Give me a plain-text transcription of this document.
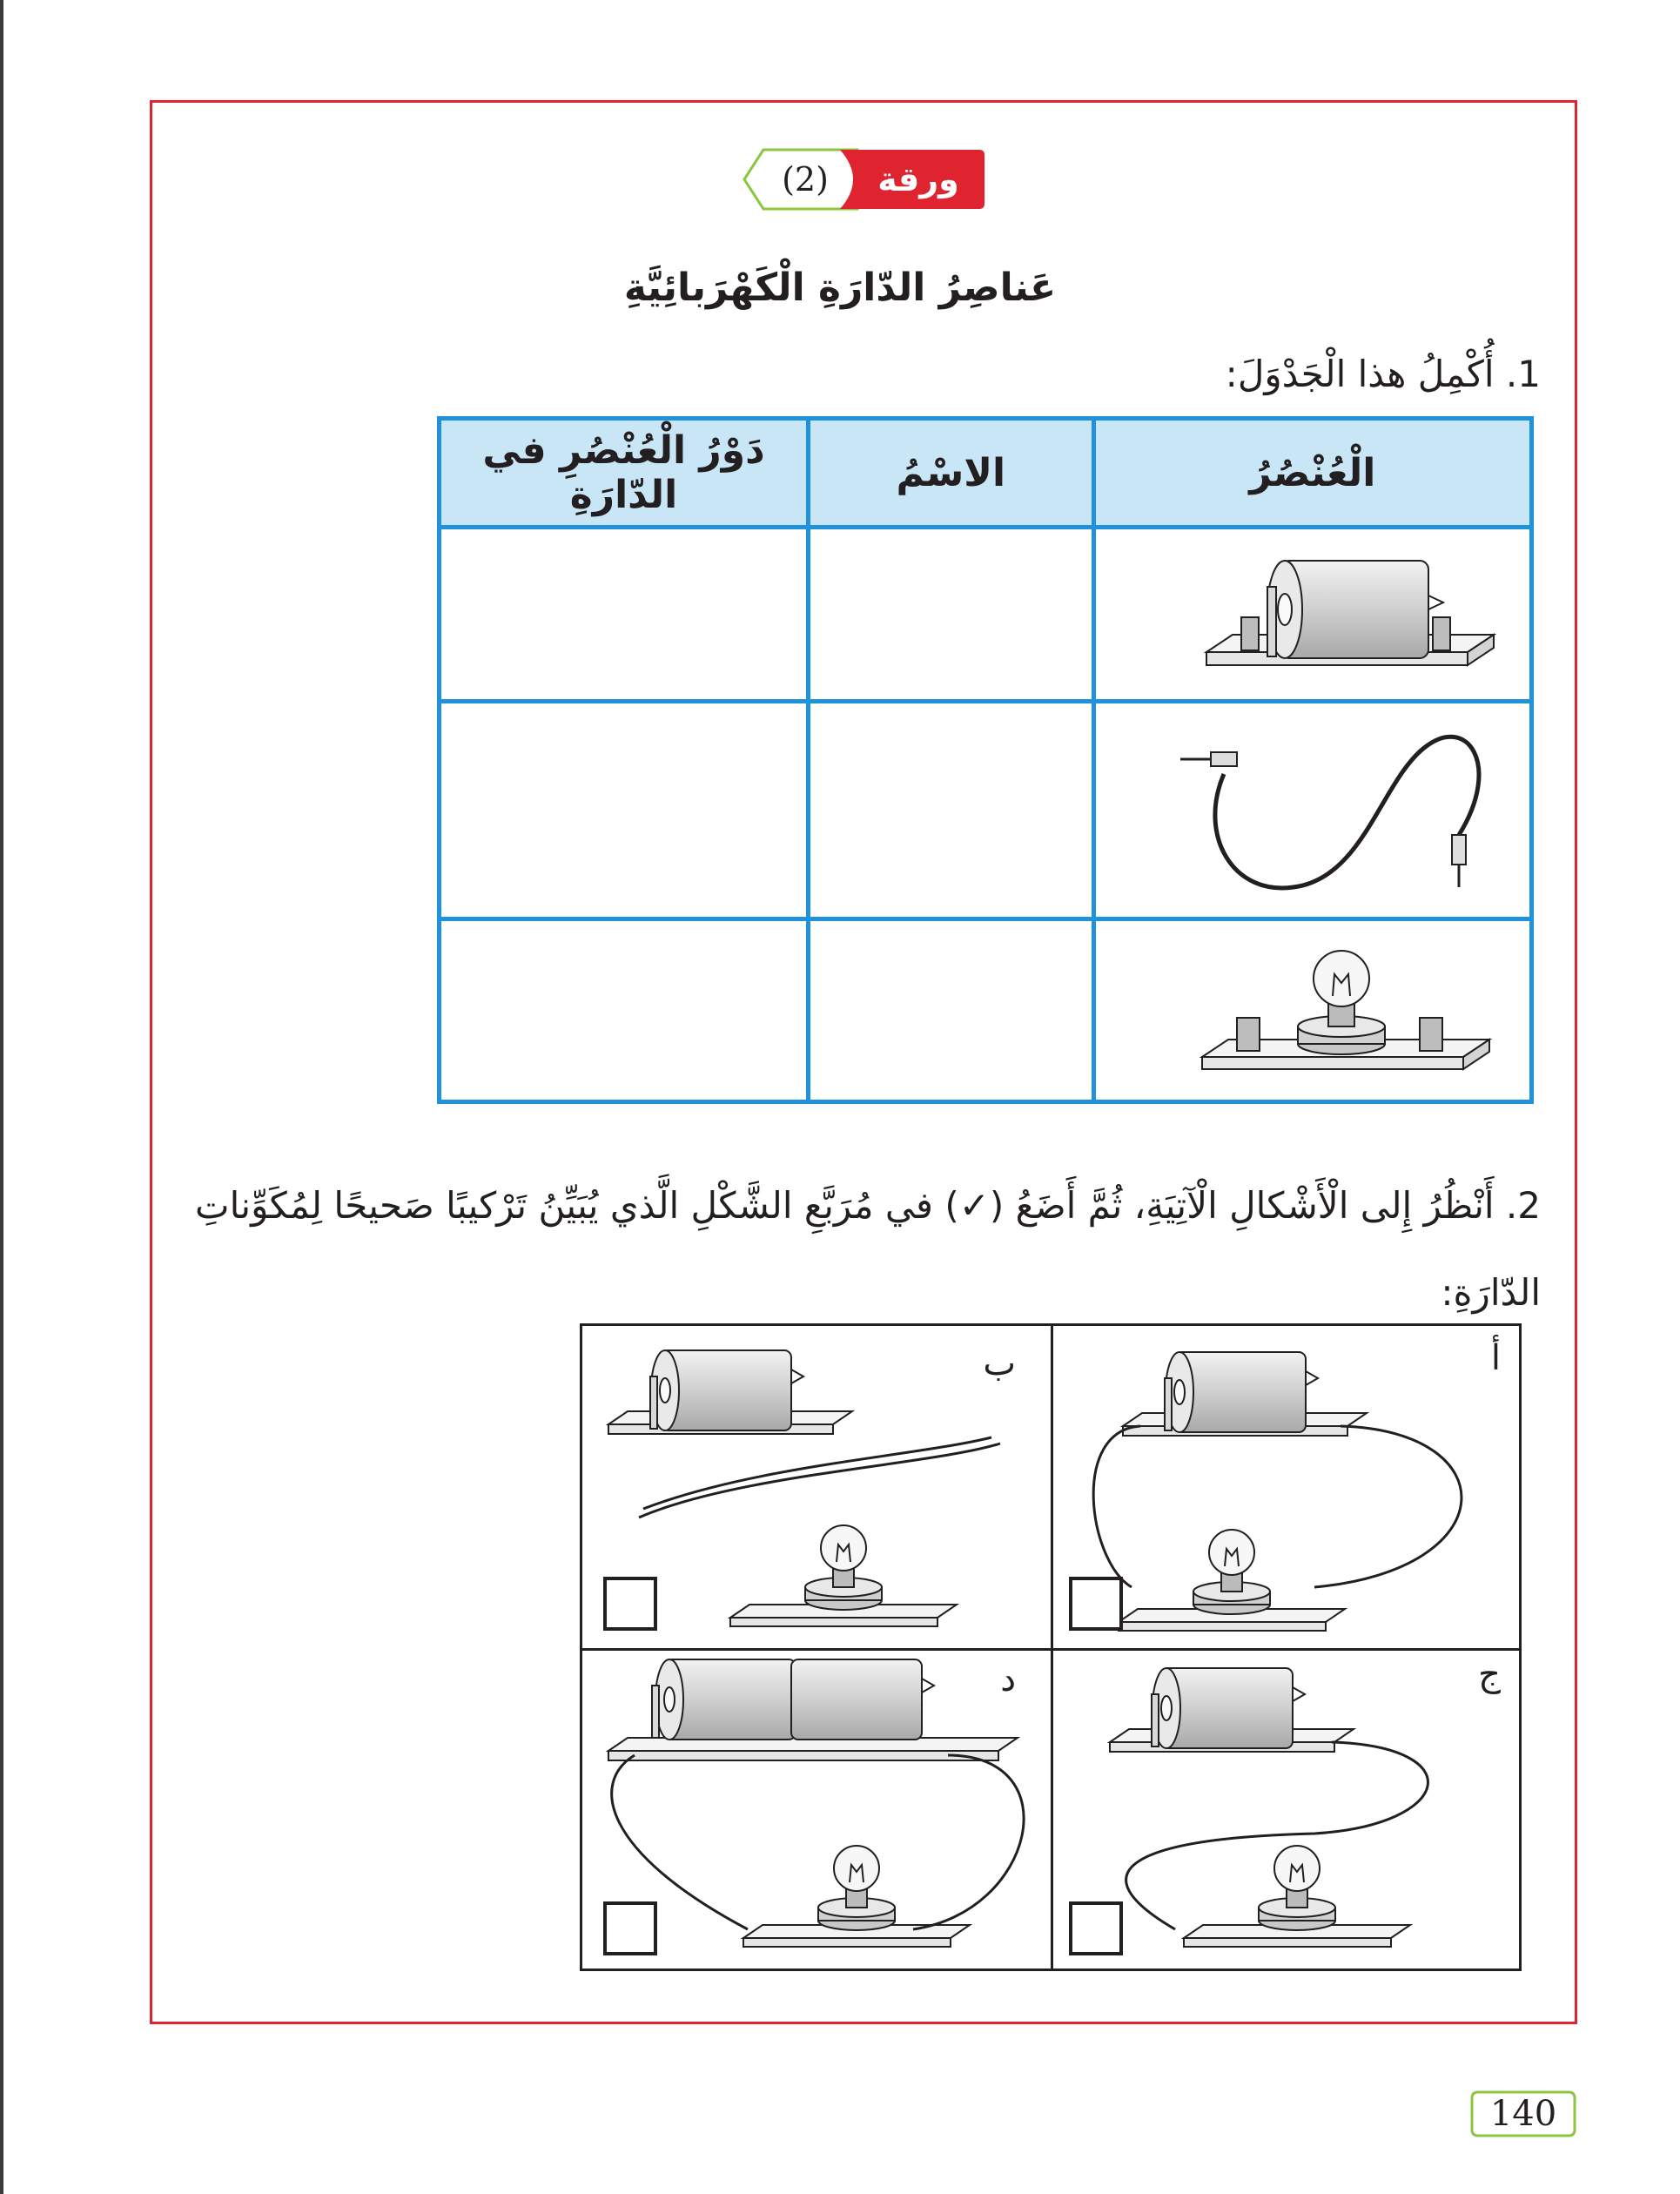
(2)	ورقة عمل
عَناصِرُ الدّارَةِ الْكَهْرَبائِيَّةِ
1. أُكْمِلُ هذا الْجَدْوَلَ:
الْعُنْصُرُ	الاسْمُ	دَوْرُ الْعُنْصُرِ في الدّارَةِ

2. أَنْظُرُ إِلى الْأَشْكالِ الْآتِيَةِ، ثُمَّ أَضَعُ (✓) في مُرَبَّعِ الشَّكْلِ الَّذي يُبَيِّنُ تَرْكيبًا صَحيحًا لِمُكَوِّناتِ الدّارَةِ:
أ
ب
ج
د
140
